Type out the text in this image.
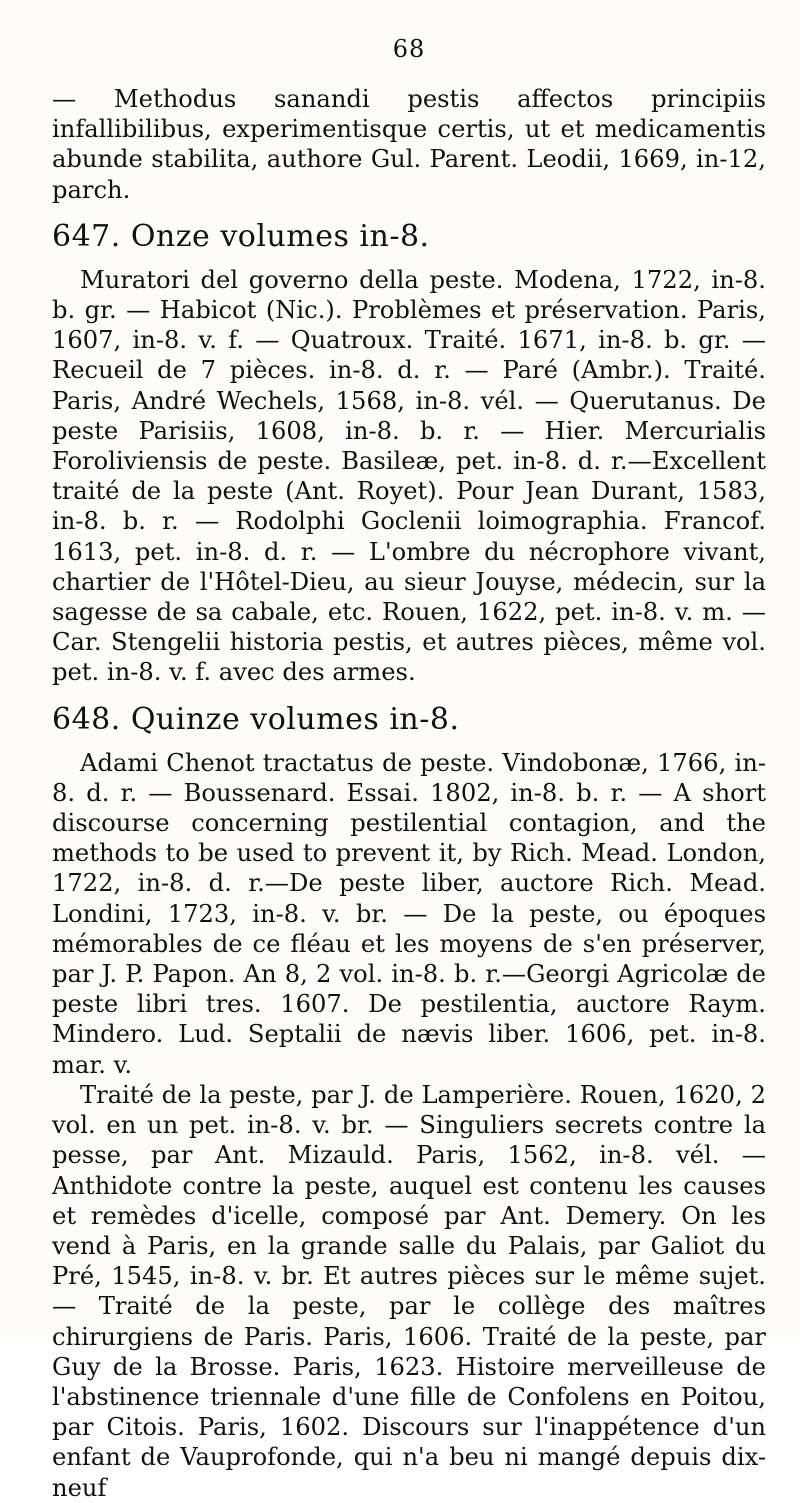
68

— Methodus sanandi pestis affectos principiis infallibilibus, experimentisque certis, ut et medicamentis abunde stabilita, authore Gul. Parent. Leodii, 1669, in-12, parch.

647. Onze volumes in-8.

Muratori del governo della peste. Modena, 1722, in-8. b. gr. — Habicot (Nic.). Problèmes et préservation. Paris, 1607, in-8. v. f. — Quatroux. Traité. 1671, in-8. b. gr. — Recueil de 7 pièces. in-8. d. r. — Paré (Ambr.). Traité. Paris, André Wechels, 1568, in-8. vél. — Querutanus. De peste Parisiis, 1608, in-8. b. r. — Hier. Mercurialis Foroliviensis de peste. Basileæ, pet. in-8. d. r.—Excellent traité de la peste (Ant. Royet). Pour Jean Durant, 1583, in-8. b. r. — Rodolphi Goclenii loimographia. Francof. 1613, pet. in-8. d. r. — L'ombre du nécrophore vivant, chartier de l'Hôtel-Dieu, au sieur Jouyse, médecin, sur la sagesse de sa cabale, etc. Rouen, 1622, pet. in-8. v. m. — Car. Stengelii historia pestis, et autres pièces, même vol. pet. in-8. v. f. avec des armes.

648. Quinze volumes in-8.

Adami Chenot tractatus de peste. Vindobonæ, 1766, in-8. d. r. — Boussenard. Essai. 1802, in-8. b. r. — A short discourse concerning pestilential contagion, and the methods to be used to prevent it, by Rich. Mead. London, 1722, in-8. d. r.—De peste liber, auctore Rich. Mead. Londini, 1723, in-8. v. br. — De la peste, ou époques mémorables de ce fléau et les moyens de s'en préserver, par J. P. Papon. An 8, 2 vol. in-8. b. r.—Georgi Agricolæ de peste libri tres. 1607. De pestilentia, auctore Raym. Mindero. Lud. Septalii de nævis liber. 1606, pet. in-8. mar. v.

Traité de la peste, par J. de Lamperière. Rouen, 1620, 2 vol. en un pet. in-8. v. br. — Singuliers secrets contre la pesse, par Ant. Mizauld. Paris, 1562, in-8. vél. — Anthidote contre la peste, auquel est contenu les causes et remèdes d'icelle, composé par Ant. Demery. On les vend à Paris, en la grande salle du Palais, par Galiot du Pré, 1545, in-8. v. br. Et autres pièces sur le même sujet. — Traité de la peste, par le collège des maîtres chirurgiens de Paris. Paris, 1606. Traité de la peste, par Guy de la Brosse. Paris, 1623. Histoire merveilleuse de l'abstinence triennale d'une fille de Confolens en Poitou, par Citois. Paris, 1602. Discours sur l'inappétence d'un enfant de Vauprofonde, qui n'a beu ni mangé depuis dix-neuf
